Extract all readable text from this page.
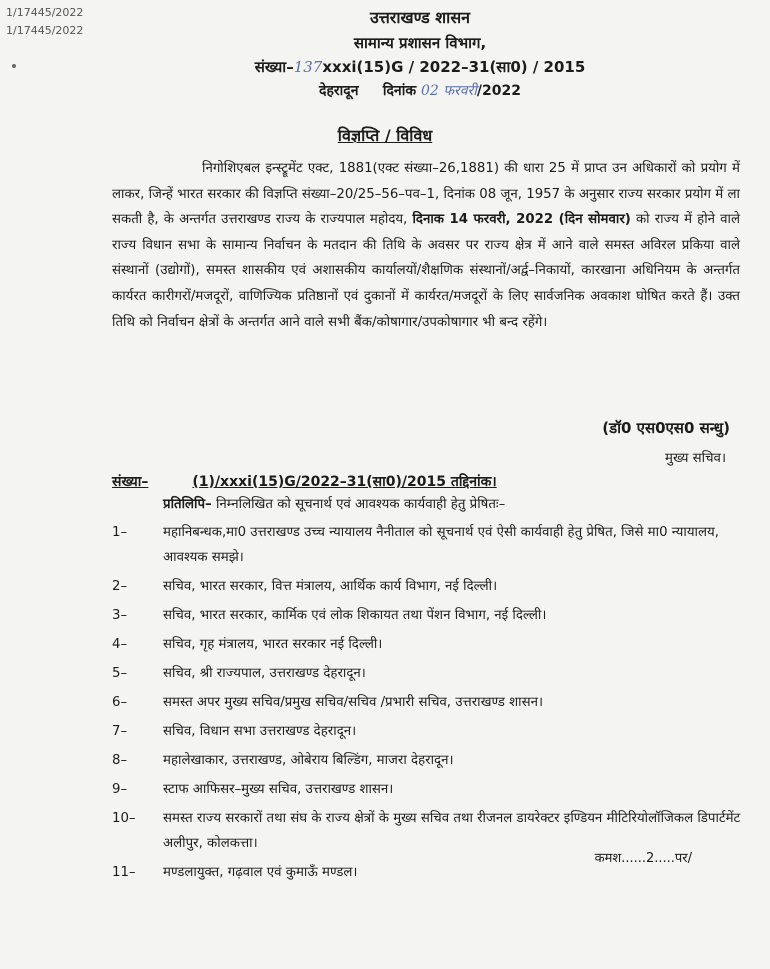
1/17445/2022
1/17445/2022
उत्तराखण्ड शासन
सामान्य प्रशासन विभाग,
संख्या–137xxxi(15)G / 2022–31(सा0) / 2015
देहरादून दिनांक 02 फरवरी/2022
विज्ञप्ति / विविध
निगोशिएबल इन्स्ट्रूमेंट एक्ट, 1881(एक्ट संख्या–26,1881) की धारा 25 में प्राप्त उन अधिकारों को प्रयोग में लाकर, जिन्हें भारत सरकार की विज्ञप्ति संख्या–20/25–56–पव–1, दिनांक 08 जून, 1957 के अनुसार राज्य सरकार प्रयोग में ला सकती है, के अन्तर्गत उत्तराखण्ड राज्य के राज्यपाल महोदय, दिनाक 14 फरवरी, 2022 (दिन सोमवार) को राज्य में होने वाले राज्य विधान सभा के सामान्य निर्वाचन के मतदान की तिथि के अवसर पर राज्य क्षेत्र में आने वाले समस्त अविरल प्रकिया वाले संस्थानों (उद्योगों), समस्त शासकीय एवं अशासकीय कार्यालयों/शैक्षणिक संस्थानों/अर्द्व–निकायों, कारखाना अधिनियम के अन्तर्गत कार्यरत कारीगरों/मजदूरों, वाणिज्यिक प्रतिष्ठानों एवं दुकानों में कार्यरत/मजदूरों के लिए सार्वजनिक अवकाश घोषित करते हैं। उक्त तिथि को निर्वाचन क्षेत्रों के अन्तर्गत आने वाले सभी बैंक/कोषागार/उपकोषागार भी बन्द रहेंगे।
(डॉ0 एस0एस0 सन्धु)
मुख्य सचिव।
संख्या–	(1)/xxxi(15)G/2022–31(सा0)/2015 तद्दिनांक।
प्रतिलिपि– निम्नलिखित को सूचनार्थ एवं आवश्यक कार्यवाही हेतु प्रेषितः–
1–	महानिबन्धक,मा0 उत्तराखण्ड उच्च न्यायालय नैनीताल को सूचनार्थ एवं ऐसी कार्यवाही हेतु प्रेषित, जिसे मा0 न्यायालय, आवश्यक समझे।
2–	सचिव, भारत सरकार, वित्त मंत्रालय, आर्थिक कार्य विभाग, नई दिल्ली।
3–	सचिव, भारत सरकार, कार्मिक एवं लोक शिकायत तथा पेंशन विभाग, नई दिल्ली।
4–	सचिव, गृह मंत्रालय, भारत सरकार नई दिल्ली।
5–	सचिव, श्री राज्यपाल, उत्तराखण्ड देहरादून।
6–	समस्त अपर मुख्य सचिव/प्रमुख सचिव/सचिव /प्रभारी सचिव, उत्तराखण्ड शासन।
7–	सचिव, विधान सभा उत्तराखण्ड देहरादून।
8–	महालेखाकार, उत्तराखण्ड, ओबेराय बिल्डिंग, माजरा देहरादून।
9–	स्टाफ आफिसर–मुख्य सचिव, उत्तराखण्ड शासन।
10–	समस्त राज्य सरकारों तथा संघ के राज्य क्षेत्रों के मुख्य सचिव तथा रीजनल डायरेक्टर इण्डियन मीटिरियोलॉजिकल डिपार्टमेंट अलीपुर, कोलकत्ता।
11–	मण्डलायुक्त, गढ़वाल एवं कुमाऊँ मण्डल।
कमश......2.....पर/
